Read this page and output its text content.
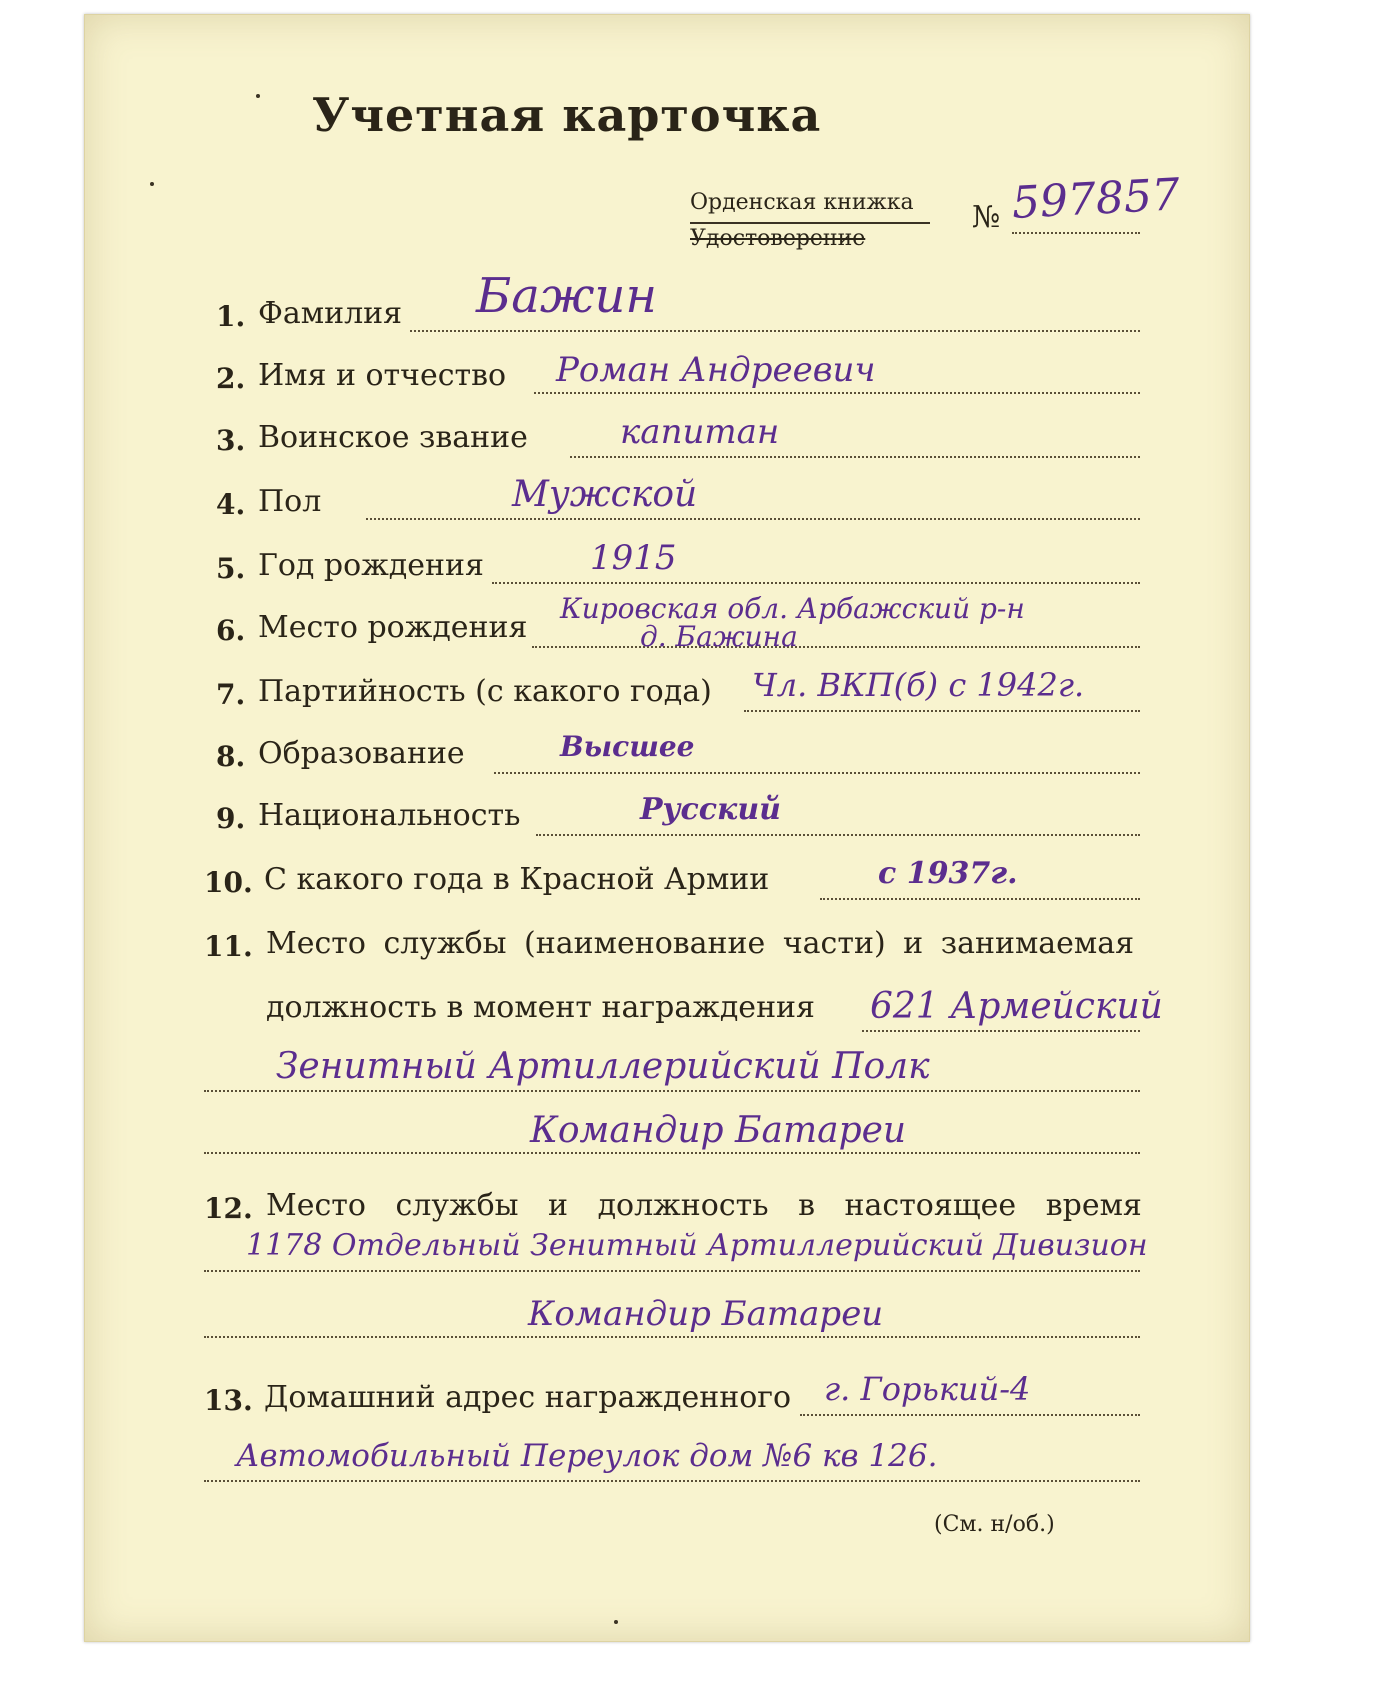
Учетная карточка
Орденская книжка
Удостоверение
№ 597857
1. Фамилия Бажин
2. Имя и отчество Роман Андреевич
3. Воинское звание	капитан
4. Пол	Мужской
5. Год рождения	1915
6. Место рождения
Кировская обл. Арбажский р-н
д. Бажина
7. Партийность (с какого года) Чл. ВКП(б) с 1942г.
8. Образование	Высшее
9. Национальность	Русский
10. С какого года в Красной Армии	с 1937г.
11. Место службы (наименование части) и занимаемая
должность в момент награждения 621 Армейский
Зенитный Артиллерийский Полк
Командир Батареи
12. Место службы и должность в настоящее время
1178 Отдельный Зенитный Артиллерийский Дивизион
Командир Батареи
13. Домашний адрес награжденного г. Горький-4
Автомобильный Переулок дом №6 кв 126.
(См. н/об.)
